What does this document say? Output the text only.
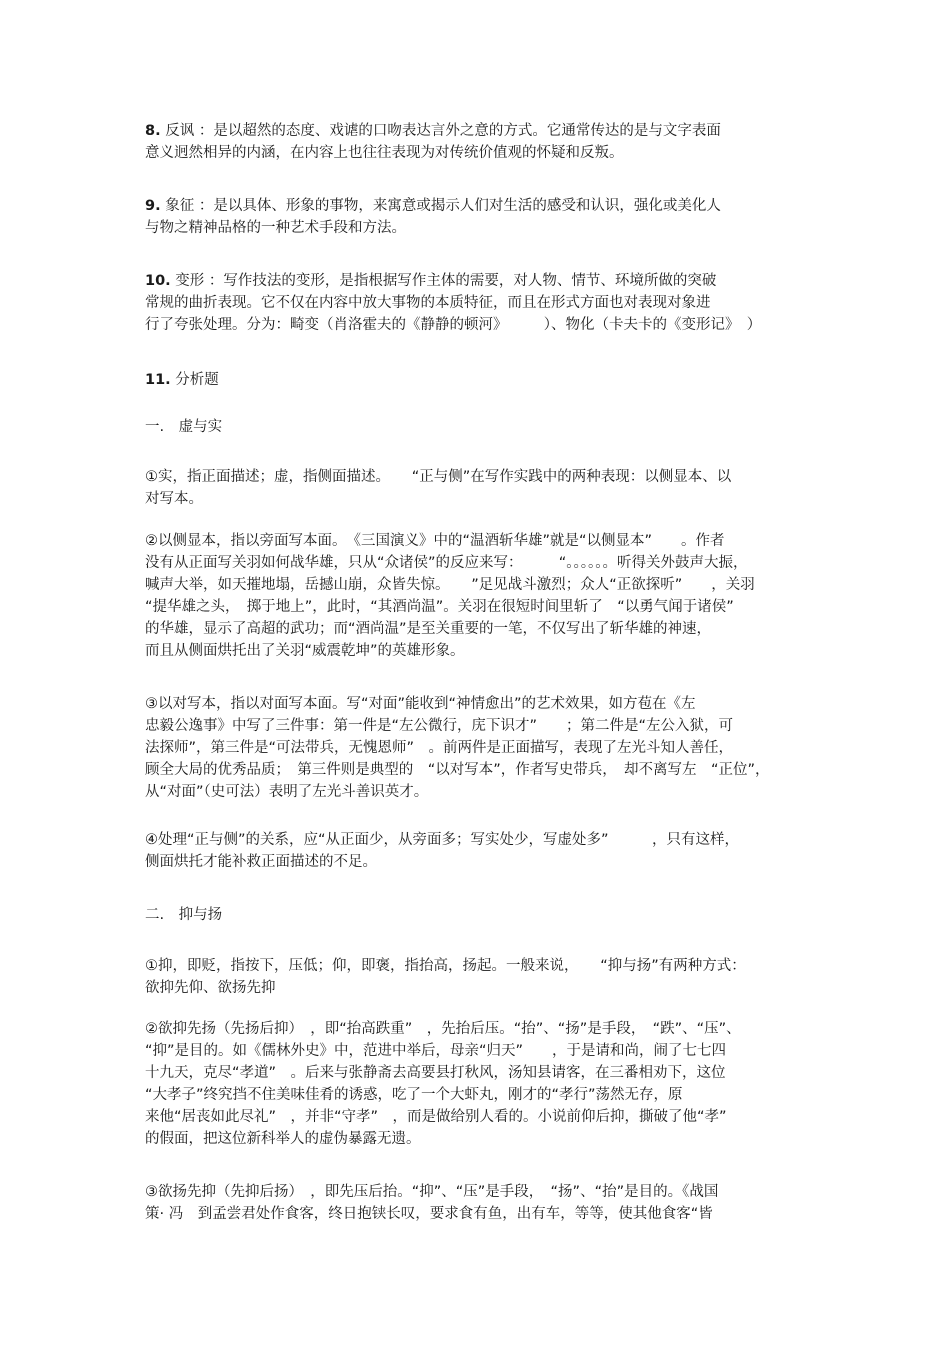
8. 反讽 ：是以超然的态度、戏谑的口吻表达言外之意的方式。它通常传达的是与文字表面
意义迥然相异的内涵，在内容上也往往表现为对传统价值观的怀疑和反叛。
9. 象征 ：是以具体、形象的事物，来寓意或揭示人们对生活的感受和认识，强化或美化人
与物之精神品格的一种艺术手段和方法。
10. 变形 ：写作技法的变形，是指根据写作主体的需要，对人物、情节、环境所做的突破
常规的曲折表现。它不仅在内容中放大事物的本质特征，而且在形式方面也对表现对象进
行了夸张处理。分为：畸变（肖洛霍夫的《静静的顿河》　　　）、物化（卡夫卡的《变形记》　）
11. 分析题
一.　虚与实
①实，指正面描述；虚，指侧面描述。　　“正与侧”在写作实践中的两种表现：以侧显本、以
对写本。
②以侧显本，指以旁面写本面。　《三国演义》中的“温酒斩华雄”就是“以侧显本”　　。作者
没有从正面写关羽如何战华雄，只从“众诸侯”的反应来写：　　　“。。。。。。听得关外鼓声大振，
喊声大举，如天摧地塌，岳撼山崩，众皆失惊。　　”足见战斗激烈；众人“正欲探听”　　，关羽
“提华雄之头，　掷于地上”，此时，“其酒尚温”。关羽在很短时间里斩了　“以勇气闻于诸侯”
的华雄，显示了高超的武功；而“酒尚温”是至关重要的一笔，不仅写出了斩华雄的神速，
而且从侧面烘托出了关羽“威震乾坤”的英雄形象。
③以对写本，指以对面写本面。写“对面”能收到“神情愈出”的艺术效果，如方苞在《左
忠毅公逸事》中写了三件事：第一件是“左公微行，庑下识才”　　；第二件是“左公入狱，可
法探师”，第三件是“可法带兵，无愧恩师”　。前两件是正面描写，表现了左光斗知人善任，
顾全大局的优秀品质；　第三件则是典型的　“以对写本”，作者写史带兵，　却不离写左　“正位”，
从“对面”（史可法）表明了左光斗善识英才。
④处理“正与侧”的关系，应“从正面少，从旁面多；写实处少，写虚处多”　　　，只有这样，
侧面烘托才能补救正面描述的不足。
二.　抑与扬
①抑，即贬，指按下，压低；仰，即褒，指抬高，扬起。一般来说，　　“抑与扬”有两种方式：
欲抑先仰、欲扬先抑
②欲抑先扬（先扬后抑）　，即“抬高跌重”　，先抬后压。“抬”、“扬”是手段，　“跌”、“压”、
“抑”是目的。如《儒林外史》中，范进中举后，母亲“归天”　　，于是请和尚，闹了七七四
十九天，克尽“孝道”　。后来与张静斋去高要县打秋风，汤知县请客，在三番相劝下，这位
“大孝子”终究挡不住美味佳肴的诱惑，吃了一个大虾丸，刚才的“孝行”荡然无存，原
来他“居丧如此尽礼”　，并非“守孝”　，而是做给别人看的。小说前仰后抑，撕破了他“孝”
的假面，把这位新科举人的虚伪暴露无遗。
③欲扬先抑（先抑后扬）　，即先压后抬。“抑”、“压”是手段，　“扬”、“抬”是目的。《战国
策· 冯　到孟尝君处作食客，终日抱铗长叹，要求食有鱼，出有车，等等，使其他食客“皆
